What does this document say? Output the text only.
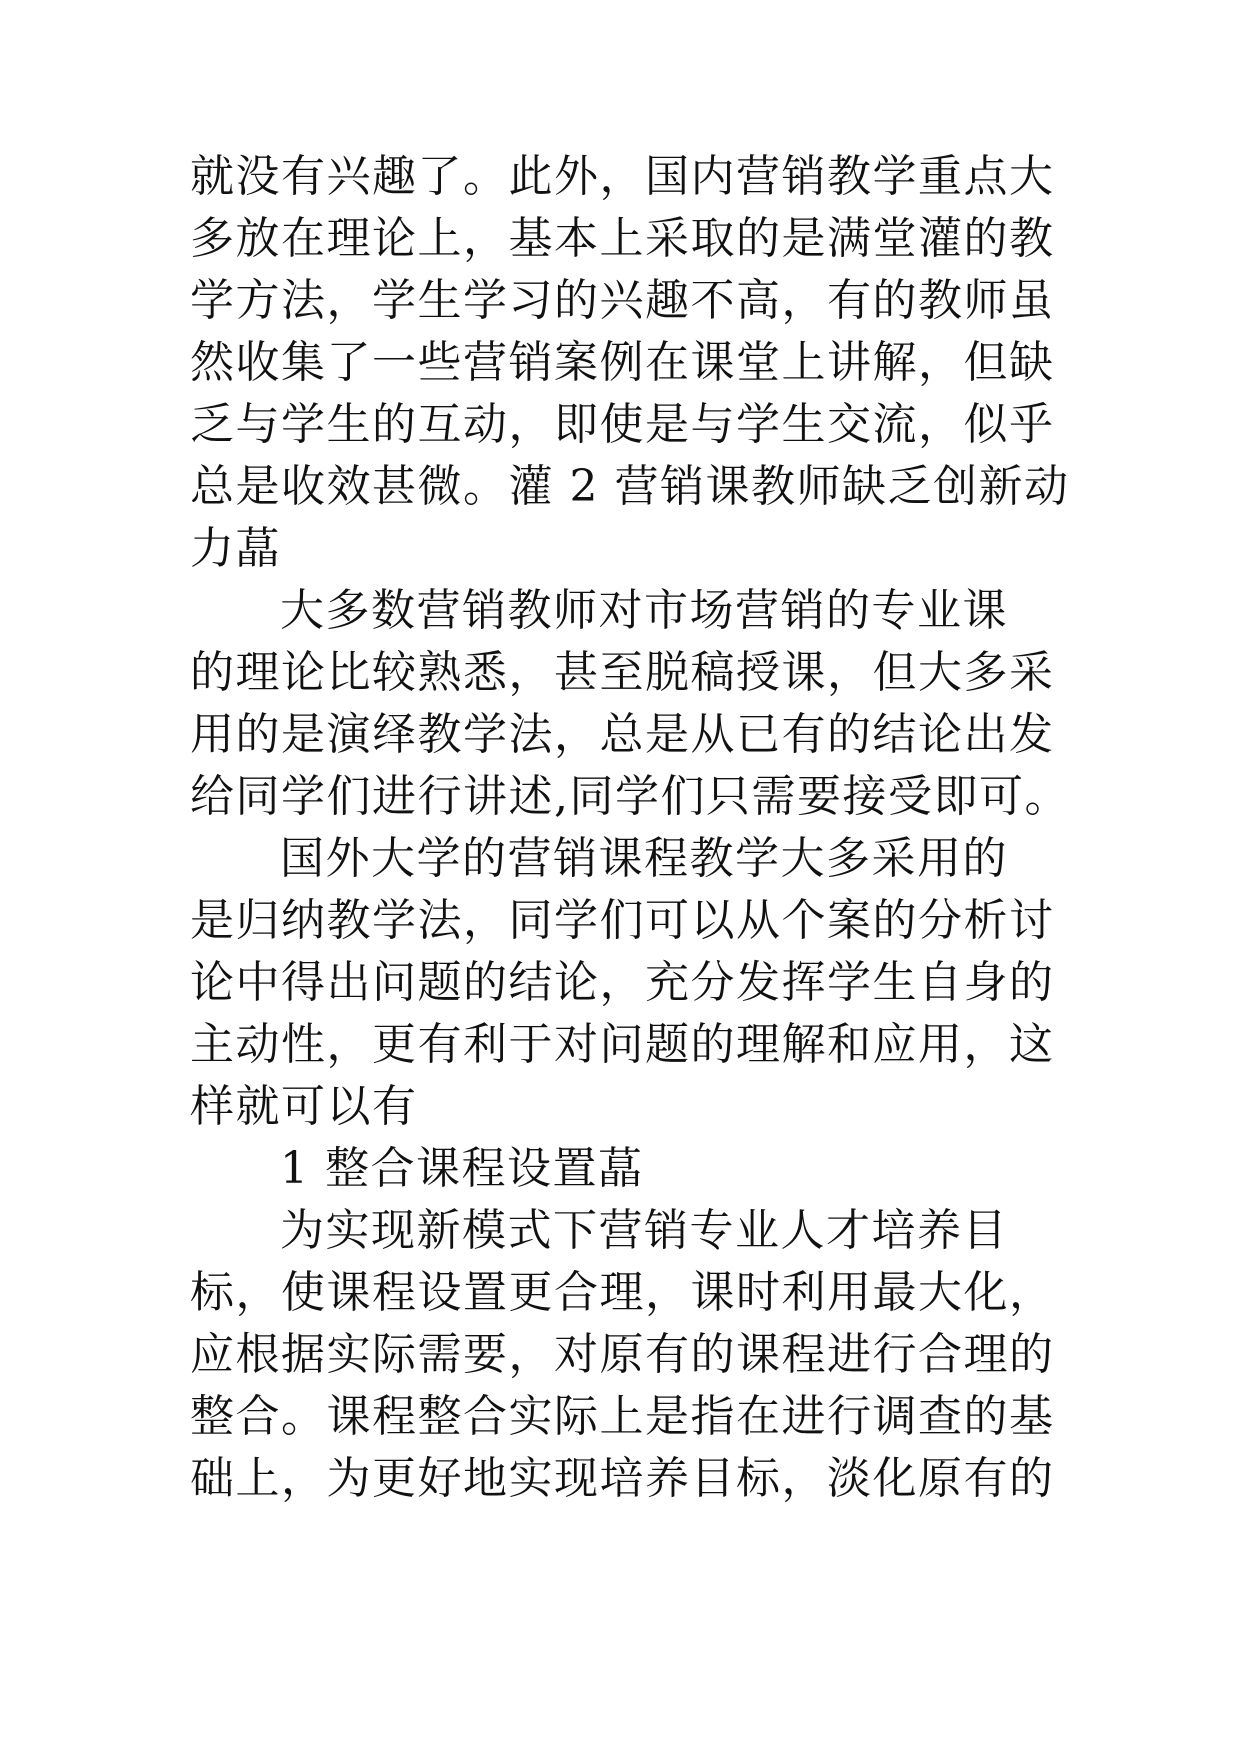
就没有兴趣了。此外，国内营销教学重点大
多放在理论上，基本上采取的是满堂灌的教
学方法，学生学习的兴趣不高，有的教师虽
然收集了一些营销案例在课堂上讲解，但缺
乏与学生的互动，即使是与学生交流，似乎
总是收效甚微。灌 2 营销课教师缺乏创新动
力蕌
大多数营销教师对市场营销的专业课
的理论比较熟悉，甚至脱稿授课，但大多采
用的是演绎教学法，总是从已有的结论出发
给同学们进行讲述,同学们只需要接受即可。
国外大学的营销课程教学大多采用的
是归纳教学法，同学们可以从个案的分析讨
论中得出问题的结论，充分发挥学生自身的
主动性，更有利于对问题的理解和应用，这
样就可以有
1 整合课程设置蕌
为实现新模式下营销专业人才培养目
标，使课程设置更合理，课时利用最大化，
应根据实际需要，对原有的课程进行合理的
整合。课程整合实际上是指在进行调查的基
础上，为更好地实现培养目标，淡化原有的
